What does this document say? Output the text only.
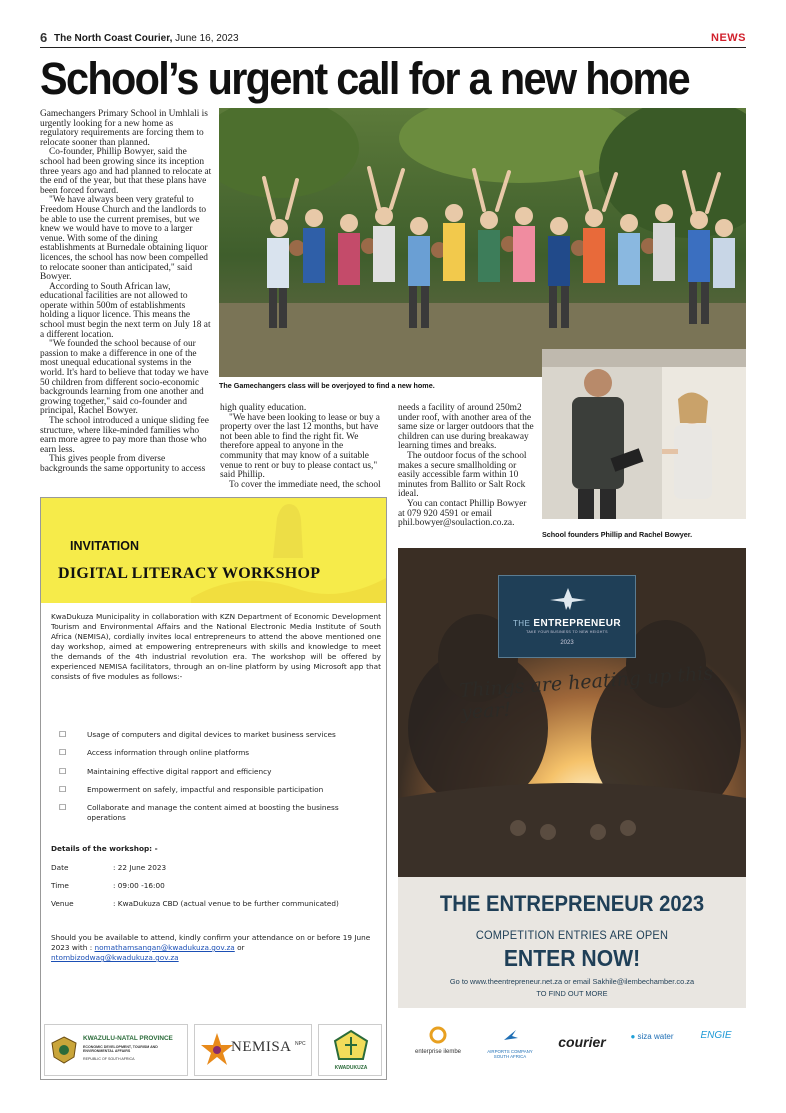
6 The North Coast Courier, June 16, 2023	NEWS
School’s urgent call for a new home

Gamechangers Primary School in Umhlali is urgently looking for a new home as regulatory requirements are forcing them to relocate sooner than planned.

Co-founder, Phillip Bowyer, said the school had been growing since its inception three years ago and had planned to relocate at the end of the year, but that these plans have been forced forward.

"We have always been very grateful to Freedom House Church and the landlords to be able to use the current premises, but we knew we would have to move to a larger venue. With some of the dining establishments at Burnedale obtaining liquor licences, the school has now been compelled to relocate sooner than anticipated," said Bowyer.

According to South African law, educational facilities are not allowed to operate within 500m of establishments holding a liquor licence. This means the school must begin the next term on July 18 at a different location.

"We founded the school because of our passion to make a difference in one of the most unequal educational systems in the world. It's hard to believe that today we have 50 children from different socio-economic backgrounds learning from one another and growing together," said co-founder and principal, Rachel Bowyer.

The school introduced a unique sliding fee structure, where like-minded families who earn more agree to pay more than those who earn less.

This gives people from diverse backgrounds the same opportunity to access

The Gamechangers class will be overjoyed to find a new home.

high quality education.

"We have been looking to lease or buy a property over the last 12 months, but have not been able to find the right fit. We therefore appeal to anyone in the community that may know of a suitable venue to rent or buy to please contact us," said Phillip.

To cover the immediate need, the school

needs a facility of around 250m2 under roof, with another area of the same size or larger outdoors that the children can use during breakaway learning times and breaks.

The outdoor focus of the school makes a secure smallholding or easily accessible farm within 10 minutes from Ballito or Salt Rock ideal.

You can contact Phillip Bowyer at 079 920 4591 or email phil.bowyer@soulaction.co.za.

School founders Phillip and Rachel Bowyer.
INVITATION
DIGITAL LITERACY WORKSHOP
KwaDukuza Municipality in collaboration with KZN Department of Economic Development Tourism and Environmental Affairs and the National Electronic Media Institute of South Africa (NEMISA), cordially invites local entrepreneurs to attend the above mentioned one day workshop, aimed at empowering entrepreneurs with skills and knowledge to meet the demands of the 4th industrial revolution era. The workshop will be offered by experienced NEMISA facilitators, through an on-line platform by using Microsoft app that consists of five modules as follows:-
☐	Usage of computers and digital devices to market business services
☐	Access information through online platforms
☐	Maintaining effective digital rapport and efficiency
☐	Empowerment on safely, impactful and responsible participation
☐	Collaborate and manage the content aimed at boosting the business operations
Details of the workshop: -
Date	: 22 June 2023
Time	: 09:00 -16:00
Venue	: KwaDukuza CBD (actual venue to be further communicated)
Should you be available to attend, kindly confirm your attendance on or before 19 June 2023 with : nomathamsanqan@kwadukuza.gov.za or
ntombizodwag@kwadukuza.gov.za
KWAZULU-NATAL PROVINCE
ECONOMIC DEVELOPMENT, TOURISM AND ENVIRONMENTAL AFFAIRS
REPUBLIC OF SOUTH AFRICA
NEMISA NPC
KWADUKUZA
THE ENTREPRENEUR
TAKE YOUR BUSINESS TO NEW HEIGHTS
2023
Things are heating up this year!
THE ENTREPRENEUR 2023
COMPETITION ENTRIES ARE OPEN
ENTER NOW!
Go to www.theentrepreneur.net.za or email Sakhile@ilembechamber.co.za
TO FIND OUT MORE
enterprise ilembe	AIRPORTS COMPANY SOUTH AFRICA
courier	● siza water	ENGIE
